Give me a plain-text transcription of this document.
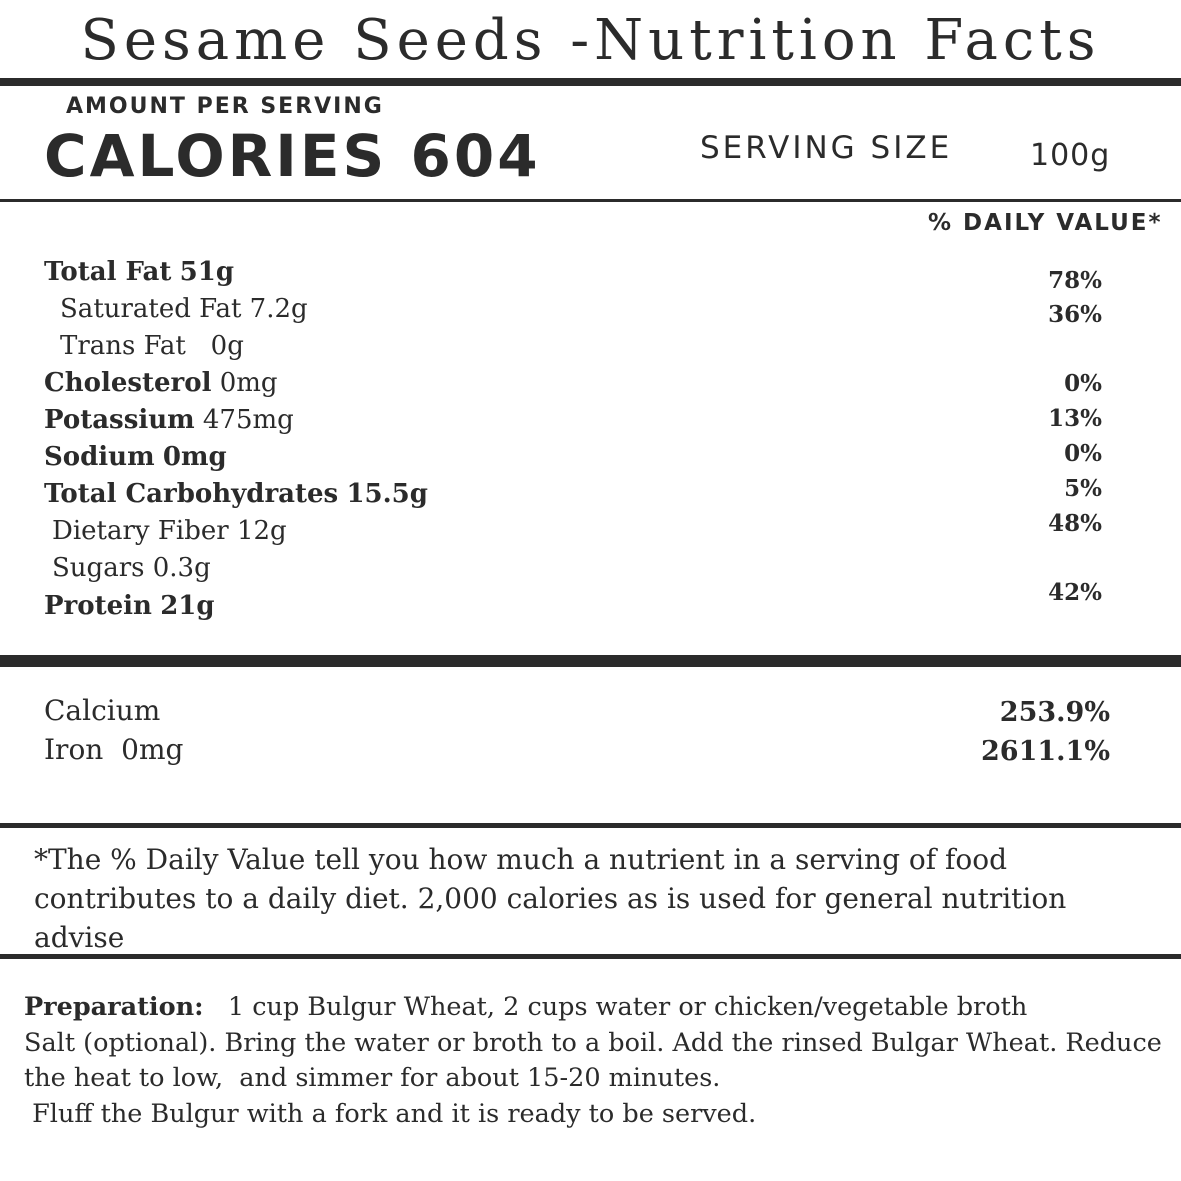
Sesame Seeds -Nutrition Facts
AMOUNT PER SERVING
CALORIES 604	SERVING SIZE	100g
% DAILY VALUE*
Total Fat 51g	78%
Saturated Fat 7.2g	36%
Trans Fat 0g
Cholesterol 0mg	0%
Potassium 475mg	13%
Sodium 0mg	0%
Total Carbohydrates 15.5g	5%
Dietary Fiber 12g	48%
Sugars 0.3g
Protein 21g	42%
Calcium	253.9%
Iron 0mg	2611.1%
*The % Daily Value tell you how much a nutrient in a serving of food contributes to a daily diet. 2,000 calories as is used for general nutrition advise
Preparation: 1 cup Bulgur Wheat, 2 cups water or chicken/vegetable broth
Salt (optional). Bring the water or broth to a boil. Add the rinsed Bulgar Wheat. Reduce
the heat to low,  and simmer for about 15-20 minutes.
Fluff the Bulgur with a fork and it is ready to be served.
